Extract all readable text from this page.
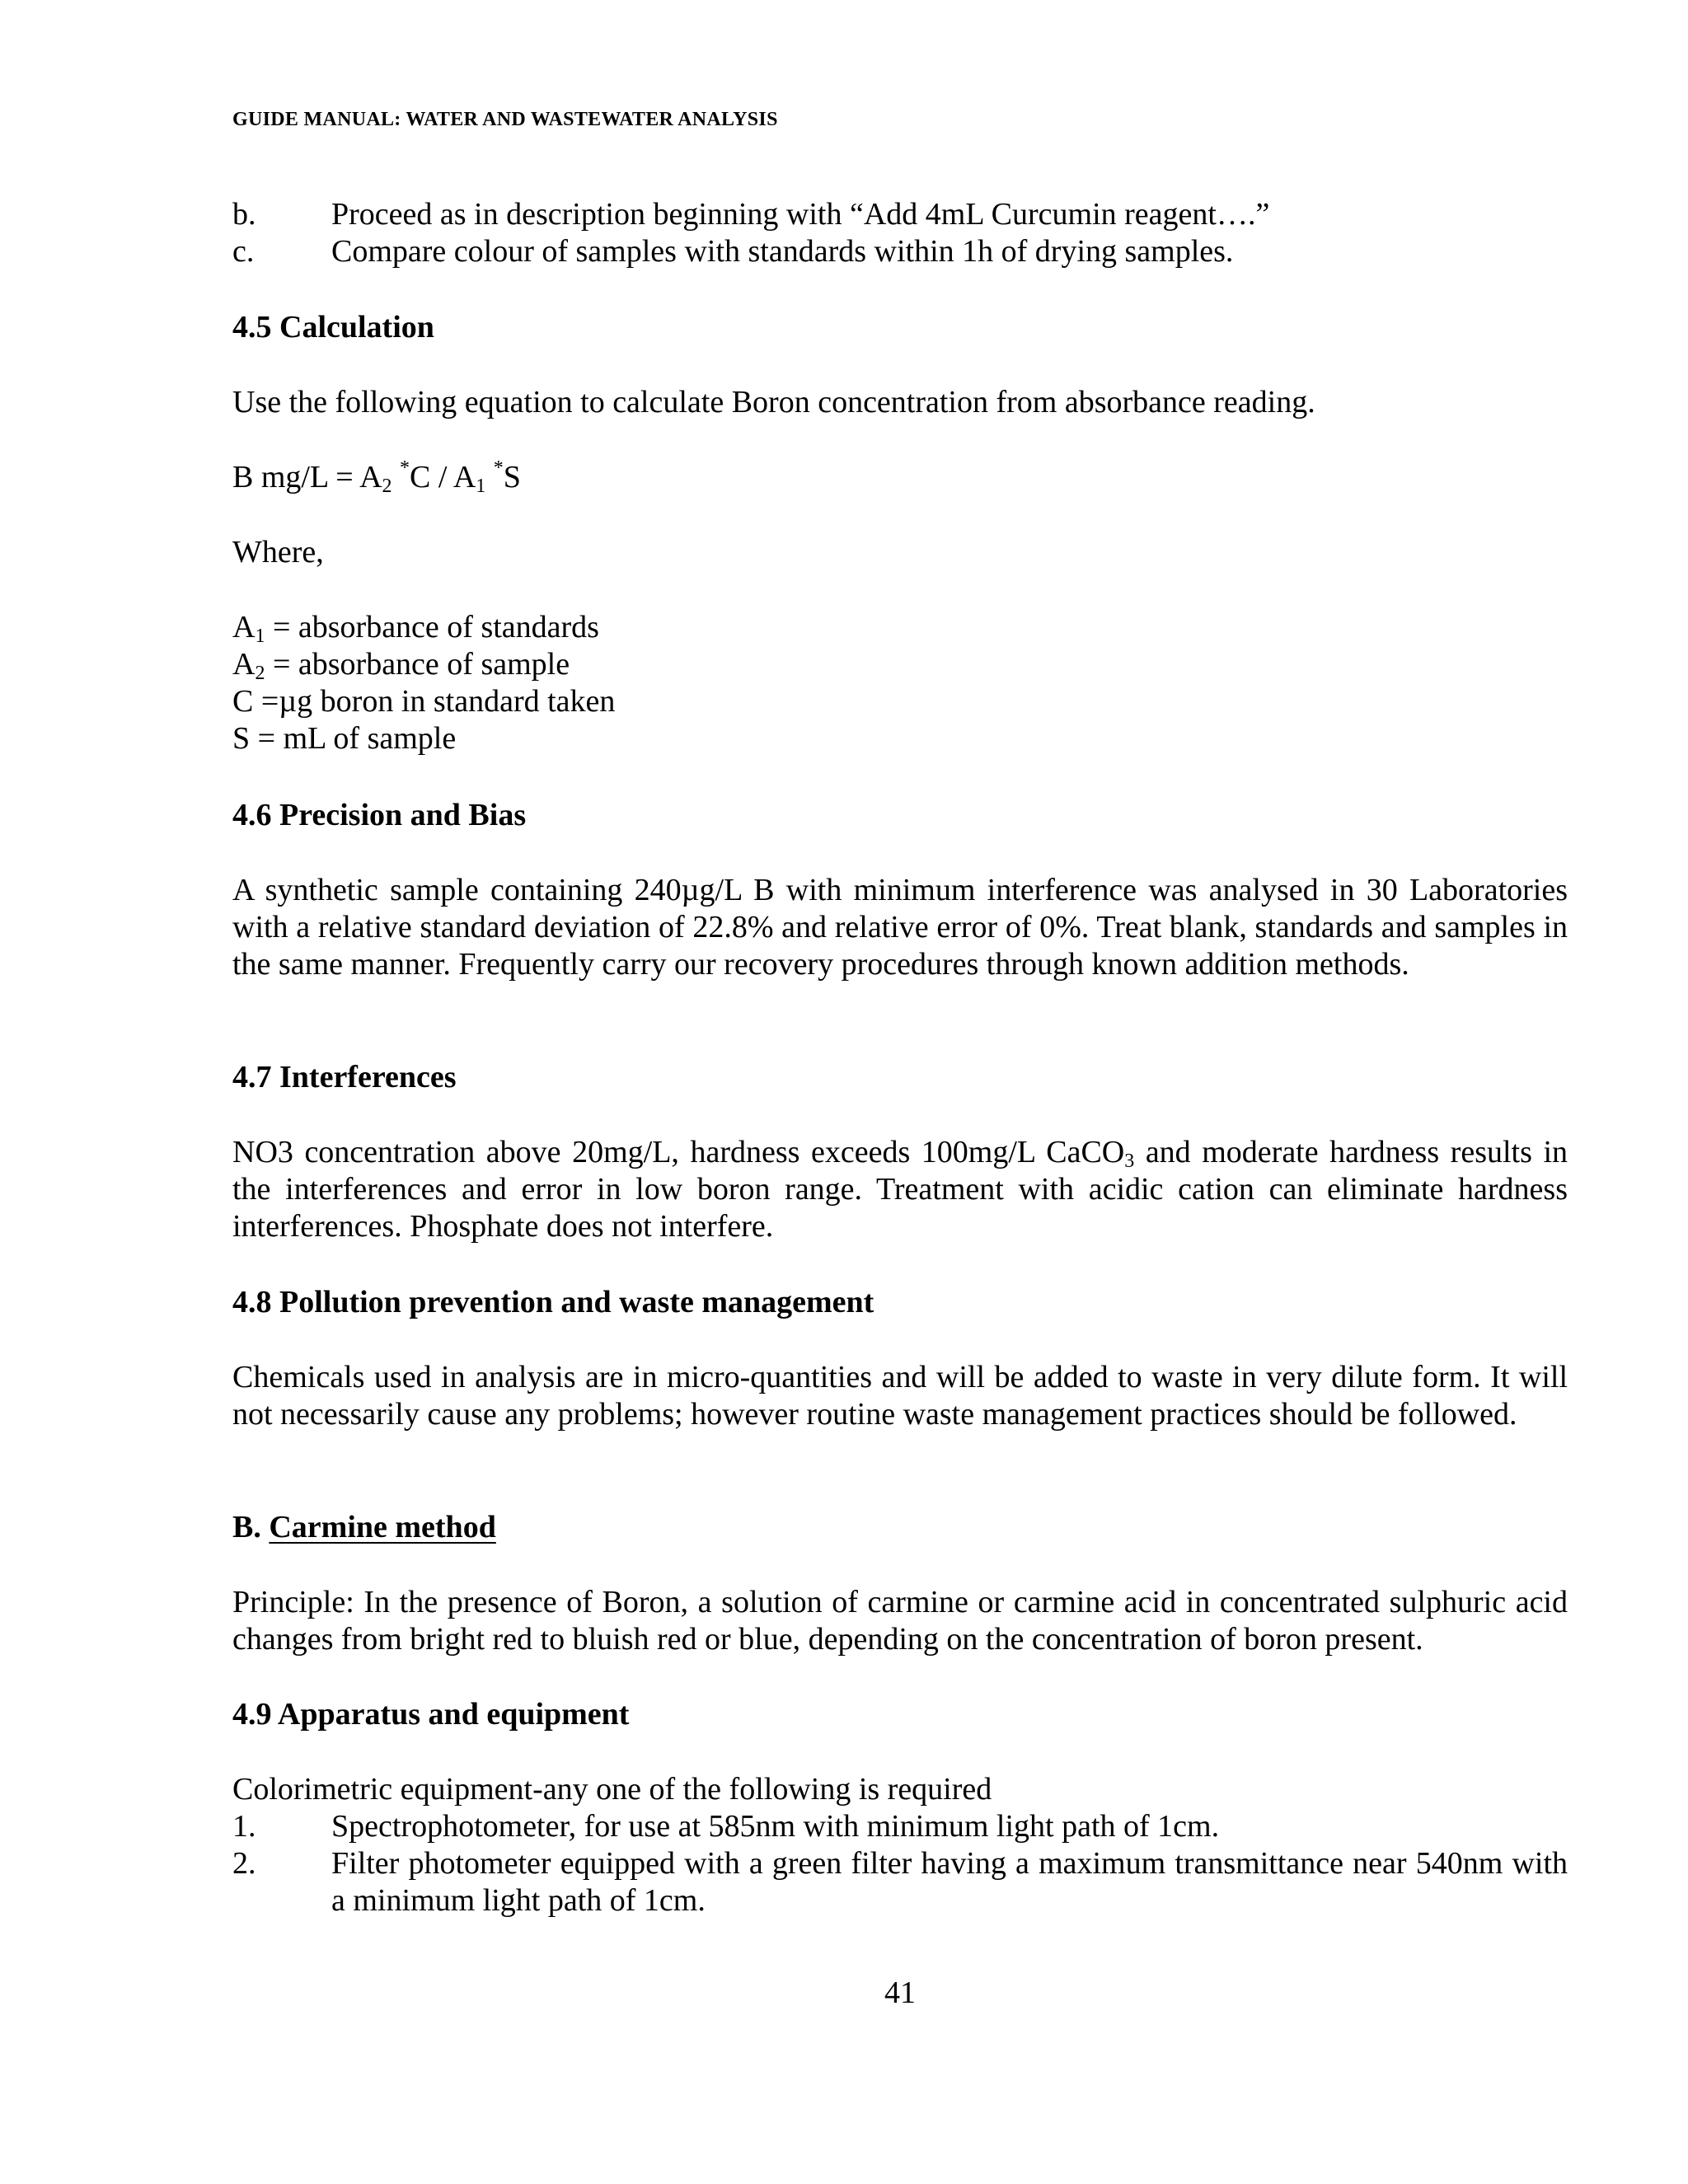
GUIDE MANUAL: WATER AND WASTEWATER ANALYSIS
b. Proceed as in description beginning with “Add 4mL Curcumin reagent….”
c. Compare colour of samples with standards within 1h of drying samples.
4.5 Calculation
Use the following equation to calculate Boron concentration from absorbance reading.
B $mg/L = A_2$ $^*C / A_1$ *S
Where,
$A_1$ = absorbance of standards
$A_2$ = absorbance of sample
C =µg boron in standard taken
S = mL of sample
4.6 Precision and Bias
A synthetic sample containing 240µg/L B with minimum interference was analysed in 30 Laboratories with a relative standard deviation of 22.8% and relative error of 0%. Treat blank, standards and samples in the same manner. Frequently carry our recovery procedures through known addition methods.
4.7 Interferences
NO3 concentration above 20mg/L, hardness exceeds 100mg/L CaCO$_3$ and moderate hardness results in the interferences and error in low boron range. Treatment with acidic cation can eliminate hardness interferences. Phosphate does not interfere.
4.8 Pollution prevention and waste management
Chemicals used in analysis are in micro-quantities and will be added to waste in very dilute form. It will not necessarily cause any problems; however routine waste management practices should be followed.
B. Carmine method
Principle: In the presence of Boron, a solution of carmine or carmine acid in concentrated sulphuric acid changes from bright red to bluish red or blue, depending on the concentration of boron present.
4.9 Apparatus and equipment
Colorimetric equipment-any one of the following is required
1. Spectrophotometer, for use at 585nm with minimum light path of 1cm.
2. Filter photometer equipped with a green filter having a maximum transmittance near 540nm with a minimum light path of 1cm.
41
